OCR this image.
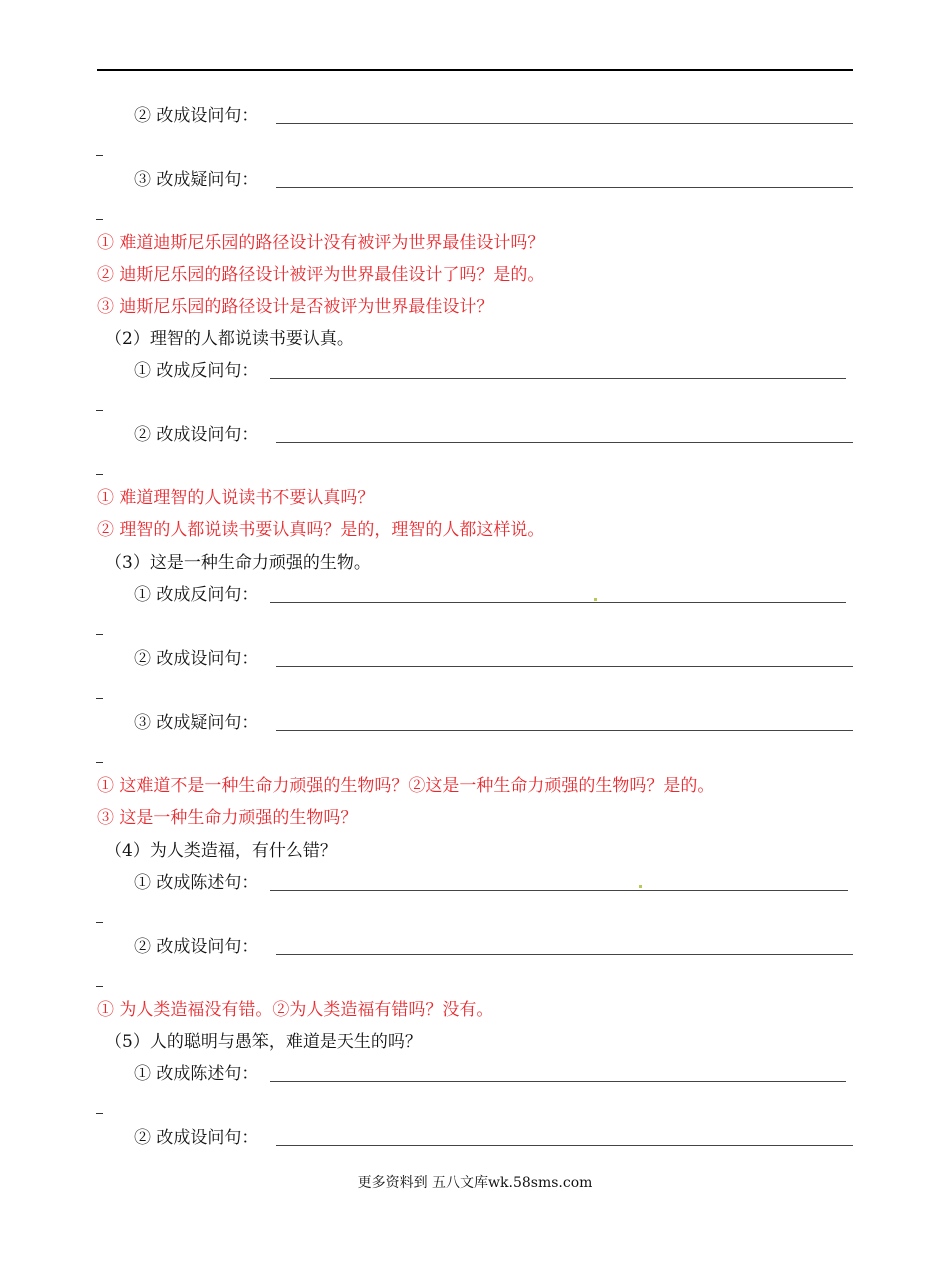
② 改成设问句：
③ 改成疑问句：
① 难道迪斯尼乐园的路径设计没有被评为世界最佳设计吗？
② 迪斯尼乐园的路径设计被评为世界最佳设计了吗？是的。
③ 迪斯尼乐园的路径设计是否被评为世界最佳设计？
（2）理智的人都说读书要认真。
① 改成反问句：
② 改成设问句：
① 难道理智的人说读书不要认真吗？
② 理智的人都说读书要认真吗？是的，理智的人都这样说。
（3）这是一种生命力顽强的生物。
① 改成反问句：
② 改成设问句：
③ 改成疑问句：
① 这难道不是一种生命力顽强的生物吗？②这是一种生命力顽强的生物吗？是的。
③ 这是一种生命力顽强的生物吗？
（4）为人类造福，有什么错？
① 改成陈述句：
② 改成设问句：
① 为人类造福没有错。②为人类造福有错吗？没有。
（5）人的聪明与愚笨，难道是天生的吗？
① 改成陈述句：
② 改成设问句：
更多资料到 五八文库wk.58sms.com
